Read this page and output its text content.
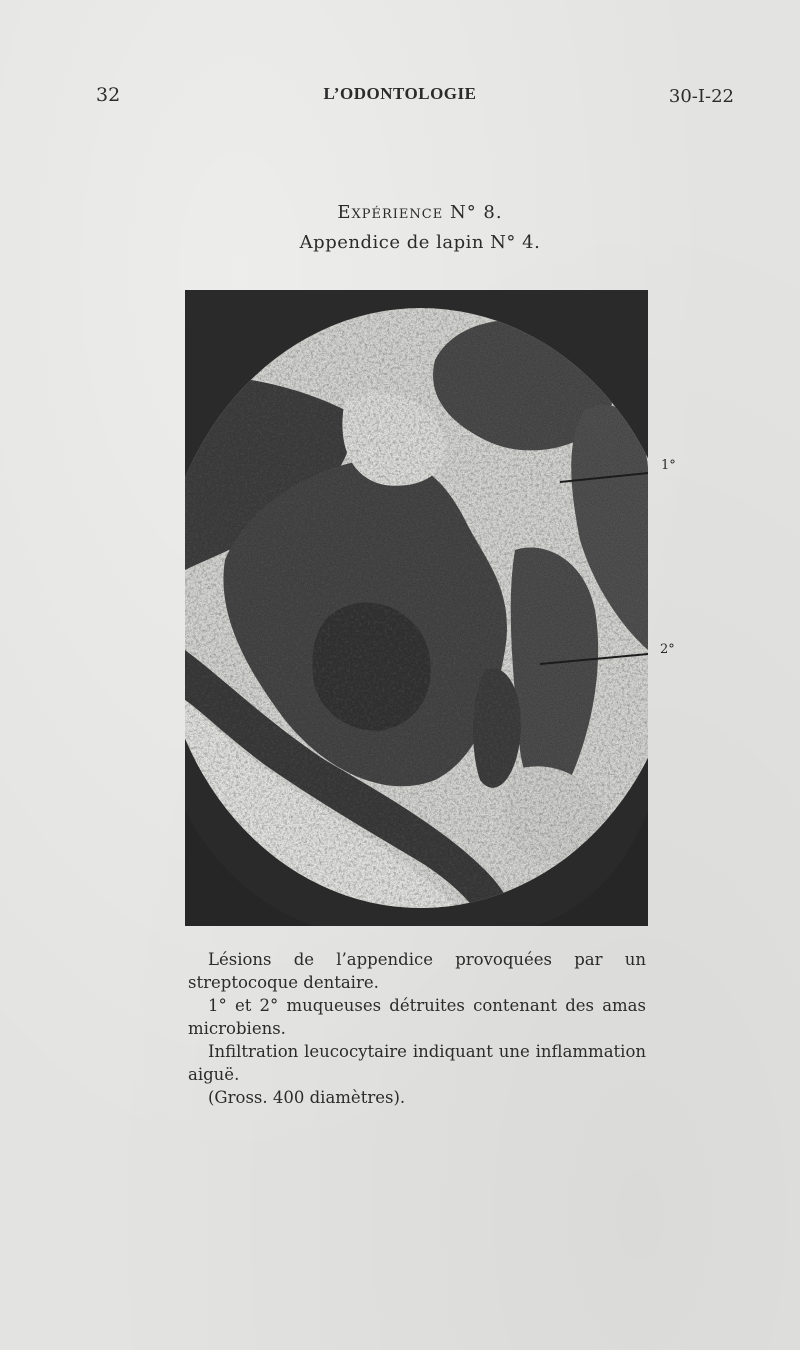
32	L’ODONTOLOGIE	30-I-22
Expérience N° 8.
Appendice de lapin N° 4.
1°
2°

Lésions de l’appendice provoquées par un streptocoque dentaire.

1° et 2° muqueuses détruites contenant des amas microbiens.

Infiltration leucocytaire indiquant une inflammation aiguë.

(Gross. 400 diamètres).
